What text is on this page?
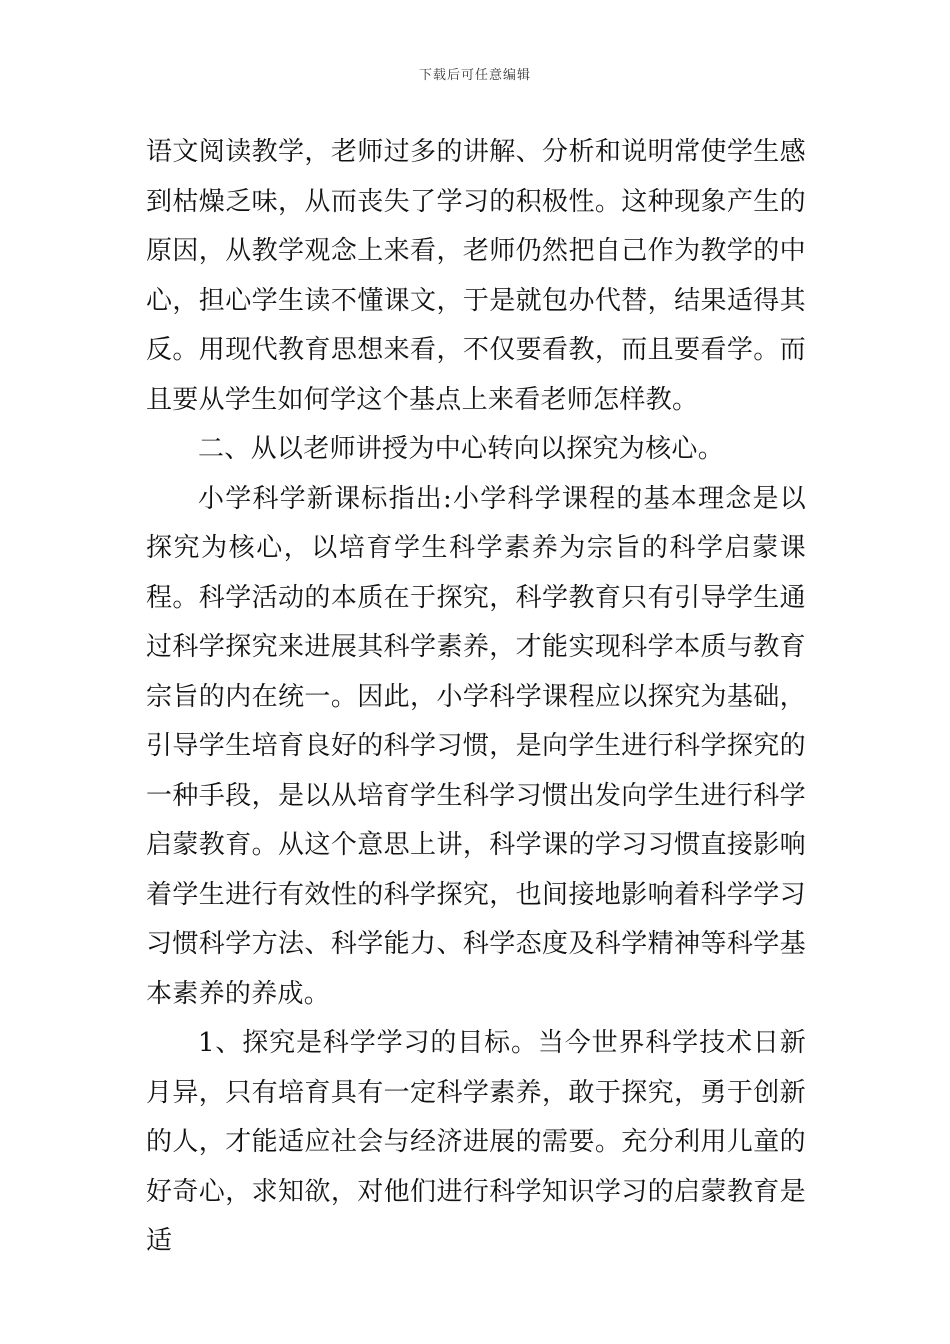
下载后可任意编辑

语文阅读教学，老师过多的讲解、分析和说明常使学生感到枯燥乏味，从而丧失了学习的积极性。这种现象产生的原因，从教学观念上来看，老师仍然把自己作为教学的中心，担心学生读不懂课文，于是就包办代替，结果适得其反。用现代教育思想来看，不仅要看教，而且要看学。而且要从学生如何学这个基点上来看老师怎样教。

二、从以老师讲授为中心转向以探究为核心。

小学科学新课标指出:小学科学课程的基本理念是以探究为核心，以培育学生科学素养为宗旨的科学启蒙课程。科学活动的本质在于探究，科学教育只有引导学生通过科学探究来进展其科学素养，才能实现科学本质与教育宗旨的内在统一。因此，小学科学课程应以探究为基础，引导学生培育良好的科学习惯，是向学生进行科学探究的一种手段，是以从培育学生科学习惯出发向学生进行科学启蒙教育。从这个意思上讲，科学课的学习习惯直接影响着学生进行有效性的科学探究，也间接地影响着科学学习习惯科学方法、科学能力、科学态度及科学精神等科学基本素养的养成。

1、探究是科学学习的目标。当今世界科学技术日新月异，只有培育具有一定科学素养，敢于探究，勇于创新的人，才能适应社会与经济进展的需要。充分利用儿童的好奇心，求知欲，对他们进行科学知识学习的启蒙教育是适
